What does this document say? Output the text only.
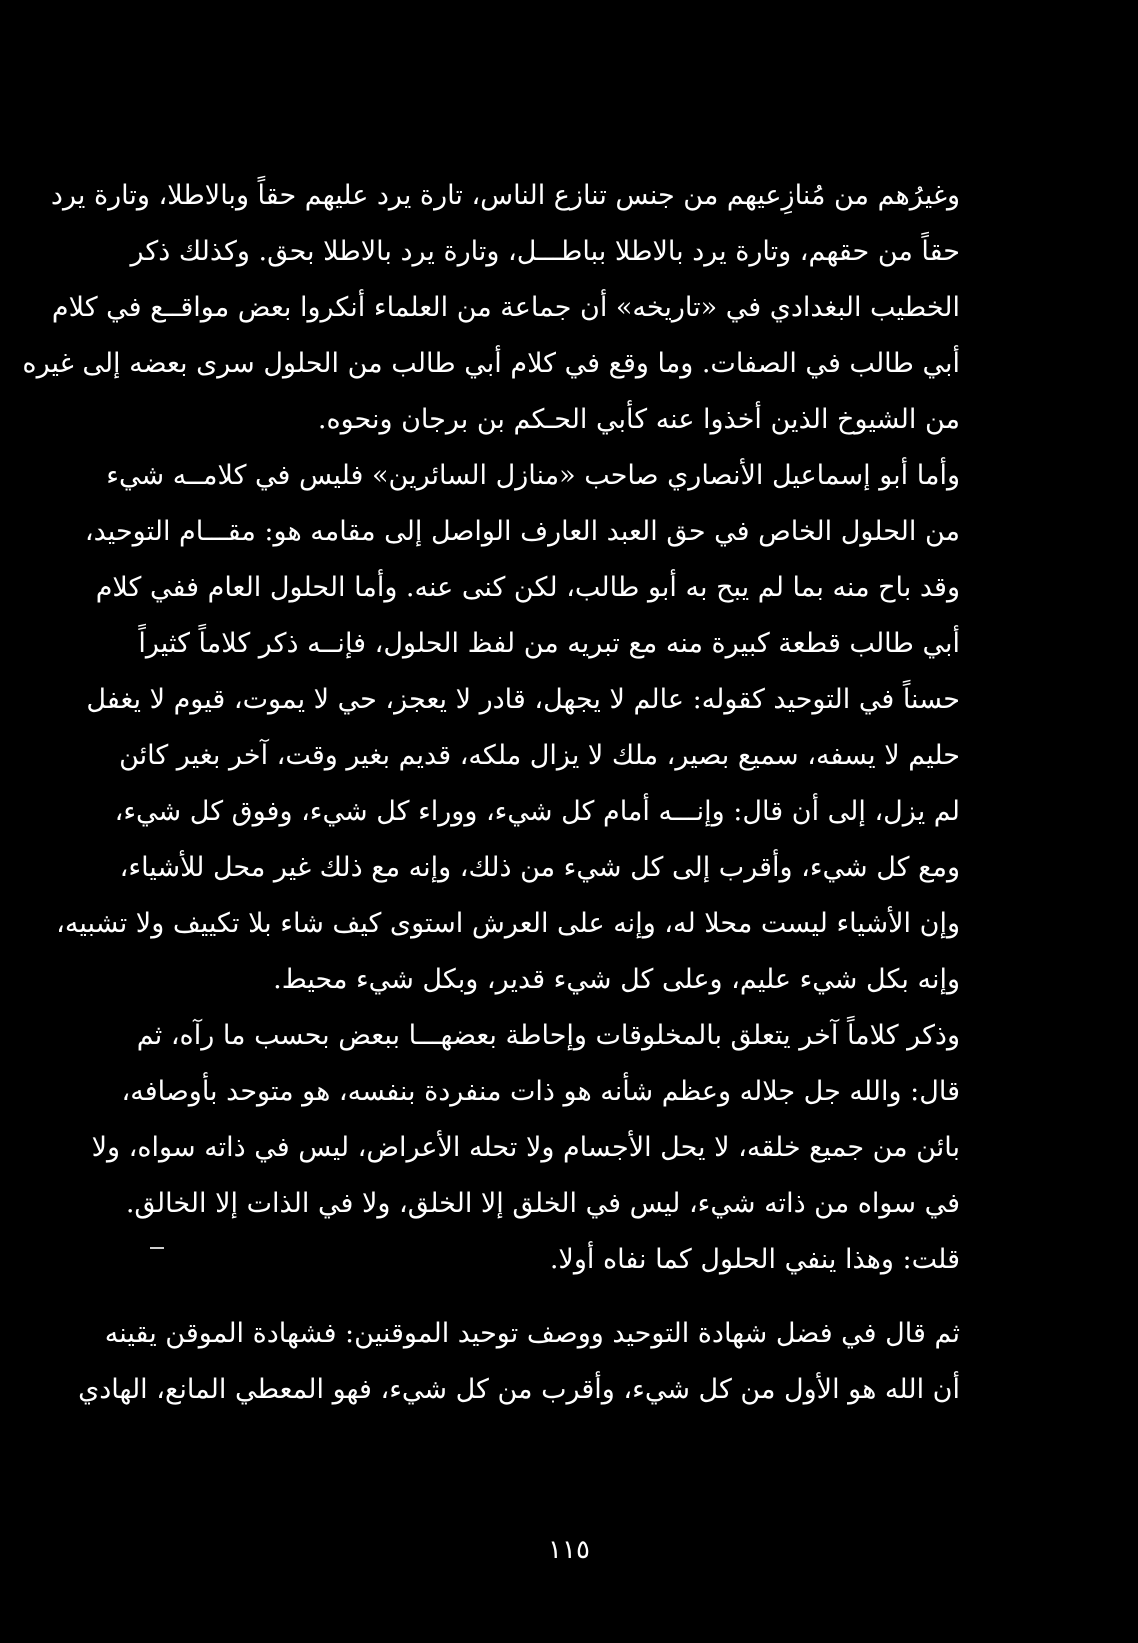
وغيرُهم من مُنازِعيهم من جنس تنازع الناس، تارة يرد عليهم حقاً وبالاطلا، وتارة يرد
حقاً من حقهم، وتارة يرد بالاطلا بباطـــل، وتارة يرد بالاطلا بحق. وكذلك ذكر
الخطيب البغدادي في «تاريخه» أن جماعة من العلماء أنكروا بعض مواقــع في كلام
أبي طالب في الصفات. وما وقع في كلام أبي طالب من الحلول سرى بعضه إلى غيره
من الشيوخ الذين أخذوا عنه كأبي الحـكم بن برجان ونحوه.
وأما أبو إسماعيل الأنصاري صاحب «منازل السائرين» فليس في كلامــه شيء
من الحلول الخاص في حق العبد العارف الواصل إلى مقامه هو: مقـــام التوحيد،
وقد باح منه بما لم يبح به أبو طالب، لكن كنى عنه. وأما الحلول العام ففي كلام
أبي طالب قطعة كبيرة منه مع تبريه من لفظ الحلول، فإنــه ذكر كلاماً كثيراً
حسناً في التوحيد كقوله: عالم لا يجهل، قادر لا يعجز، حي لا يموت، قيوم لا يغفل
حليم لا يسفه، سميع بصير، ملك لا يزال ملكه، قديم بغير وقت، آخر بغير كائن
لم يزل، إلى أن قال: وإنـــه أمام كل شيء، ووراء كل شيء، وفوق كل شيء،
ومع كل شيء، وأقرب إلى كل شيء من ذلك، وإنه مع ذلك غير محل للأشياء،
وإن الأشياء ليست محلا له، وإنه على العرش استوى كيف شاء بلا تكييف ولا تشبيه،
وإنه بكل شيء عليم، وعلى كل شيء قدير، وبكل شيء محيط.
وذكر كلاماً آخر يتعلق بالمخلوقات وإحاطة بعضهـــا ببعض بحسب ما رآه، ثم
قال: والله جل جلاله وعظم شأنه هو ذات منفردة بنفسه، هو متوحد بأوصافه،
بائن من جميع خلقه، لا يحل الأجسام ولا تحله الأعراض، ليس في ذاته سواه، ولا
في سواه من ذاته شيء، ليس في الخلق إلا الخلق، ولا في الذات إلا الخالق.
قلت: وهذا ينفي الحلول كما نفاه أولا.
ثم قال في فضل شهادة التوحيد ووصف توحيد الموقنين: فشهادة الموقن يقينه
أن الله هو الأول من كل شيء، وأقرب من كل شيء، فهو المعطي المانع، الهادي
١١٥
